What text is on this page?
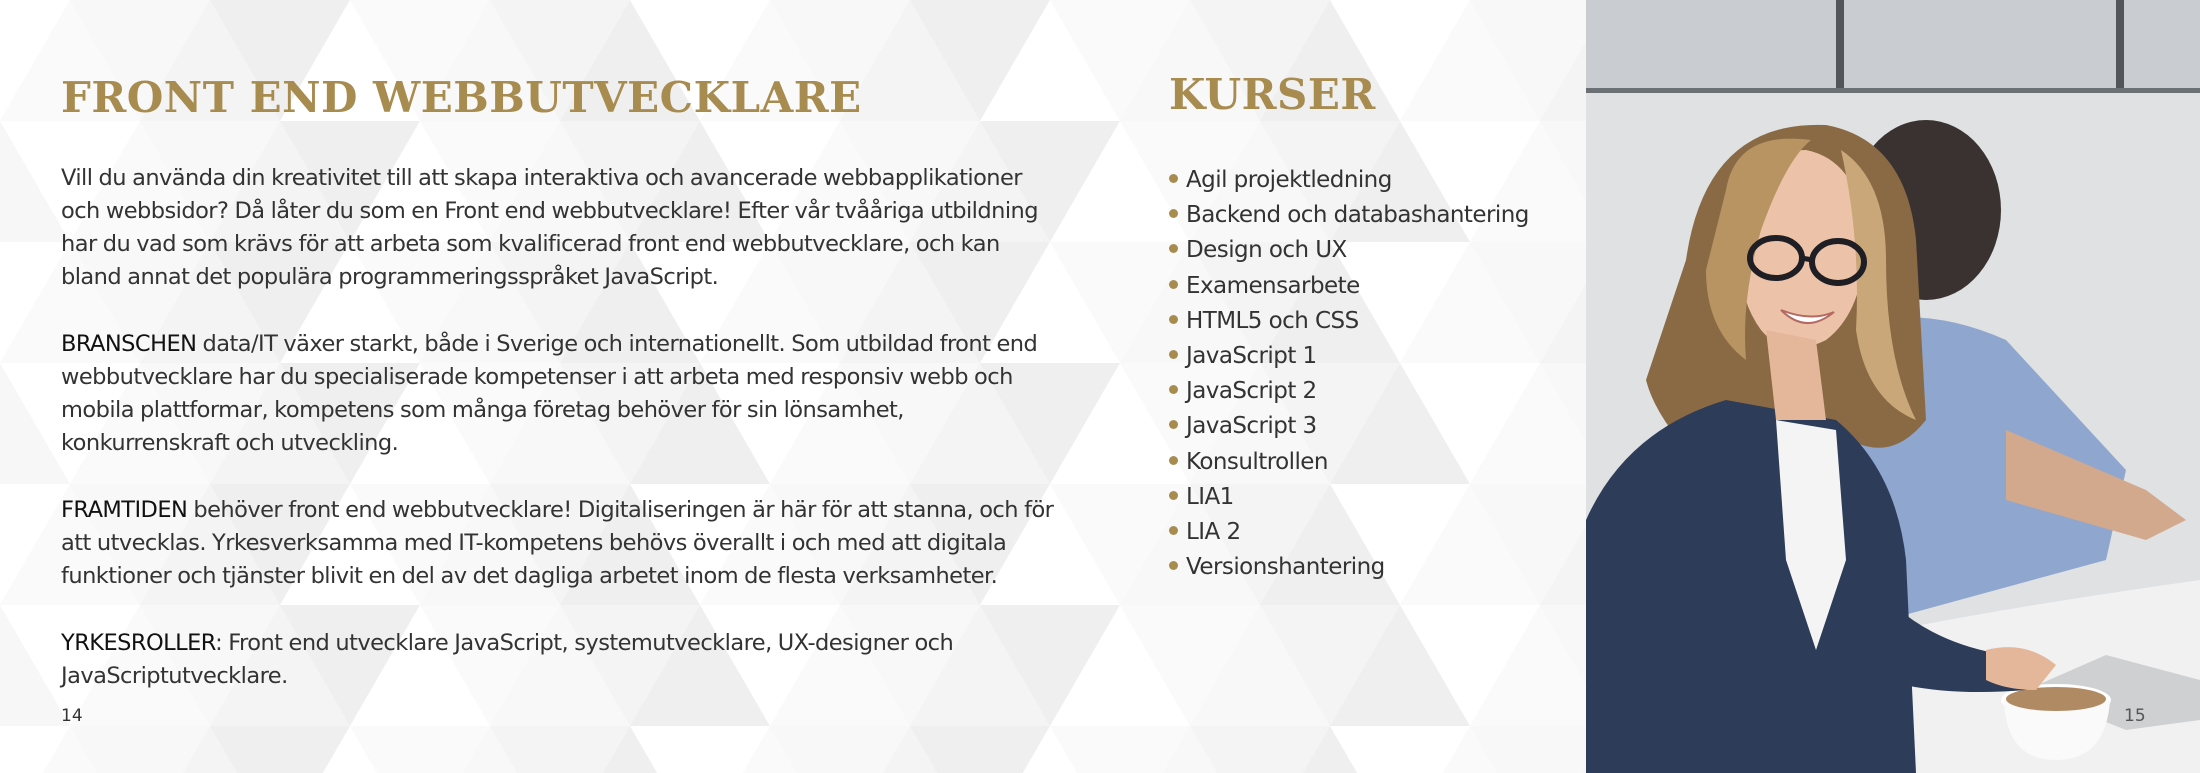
FRONT END WEBBUTVECKLARE

Vill du använda din kreativitet till att skapa interaktiva och avancerade webbapplikationer och webbsidor? Då låter du som en Front end webbutvecklare! Efter vår tvååriga utbildning har du vad som krävs för att arbeta som kvalificerad front end webbutvecklare, och kan bland annat det populära programmeringsspråket JavaScript.

BRANSCHEN data/IT växer starkt, både i Sverige och internationellt. Som utbildad front end webbutvecklare har du specialiserade kompetenser i att arbeta med responsiv webb och mobila plattformar, kompetens som många företag behöver för sin lönsamhet, konkurrenskraft och utveckling.

FRAMTIDEN behöver front end webbutvecklare! Digitaliseringen är här för att stanna, och för att utvecklas. Yrkesverksamma med IT-kompetens behövs överallt i och med att digitala funktioner och tjänster blivit en del av det dagliga arbetet inom de flesta verksamheter.

YRKESROLLER: Front end utvecklare JavaScript, systemutvecklare, UX-designer och JavaScriptutvecklare.

14

KURSER
Agil projektledning
Backend och databashantering
Design och UX
Examensarbete
HTML5 och CSS
JavaScript 1
JavaScript 2
JavaScript 3
Konsultrollen
LIA1
LIA 2
Versionshantering
15
